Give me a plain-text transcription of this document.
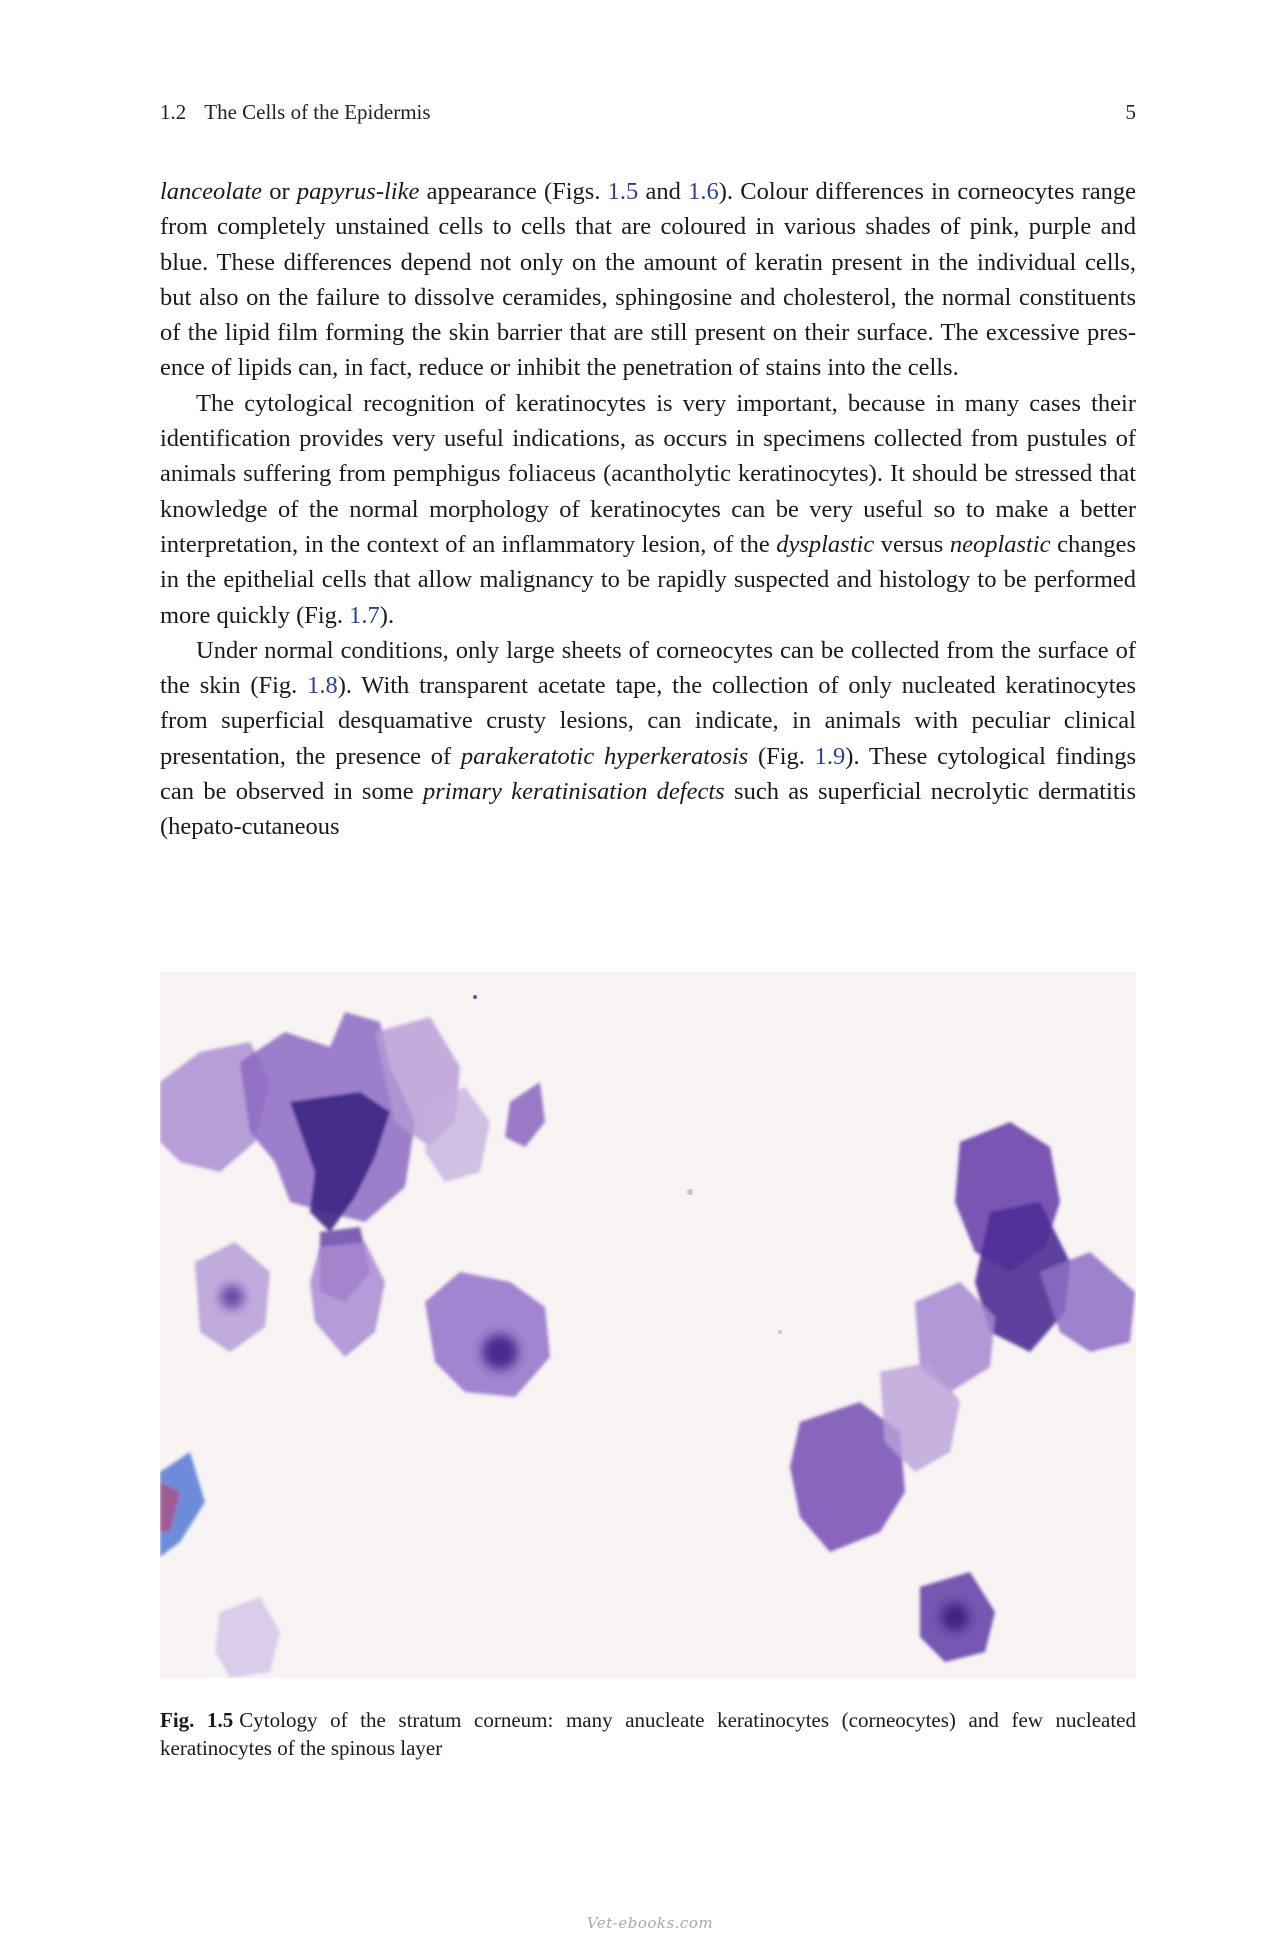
1.2 The Cells of the Epidermis	5

lanceolate or papyrus-like appearance (Figs. 1.5 and 1.6). Colour differences in corneocytes range from completely unstained cells to cells that are coloured in various shades of pink, purple and blue. These differences depend not only on the amount of keratin present in the individual cells, but also on the failure to dissolve ceramides, sphingosine and cholesterol, the normal constituents of the lipid film forming the skin barrier that are still present on their surface. The excessive presence of lipids can, in fact, reduce or inhibit the penetration of stains into the cells.

The cytological recognition of keratinocytes is very important, because in many cases their identification provides very useful indications, as occurs in specimens collected from pustules of animals suffering from pemphigus foliaceus (acantholytic keratinocytes). It should be stressed that knowledge of the normal morphology of keratinocytes can be very useful so to make a better interpretation, in the context of an inflammatory lesion, of the dysplastic versus neoplastic changes in the epithelial cells that allow malignancy to be rapidly suspected and histology to be performed more quickly (Fig. 1.7).

Under normal conditions, only large sheets of corneocytes can be collected from the surface of the skin (Fig. 1.8). With transparent acetate tape, the collection of only nucleated keratinocytes from superficial desquamative crusty lesions, can indicate, in animals with peculiar clinical presentation, the presence of parakeratotic hyperkeratosis (Fig. 1.9). These cytological findings can be observed in some primary keratinisation defects such as superficial necrolytic dermatitis (hepato-cutaneous

Fig. 1.5 Cytology of the stratum corneum: many anucleate keratinocytes (corneocytes) and few nucleated keratinocytes of the spinous layer
Vet-ebooks.com
